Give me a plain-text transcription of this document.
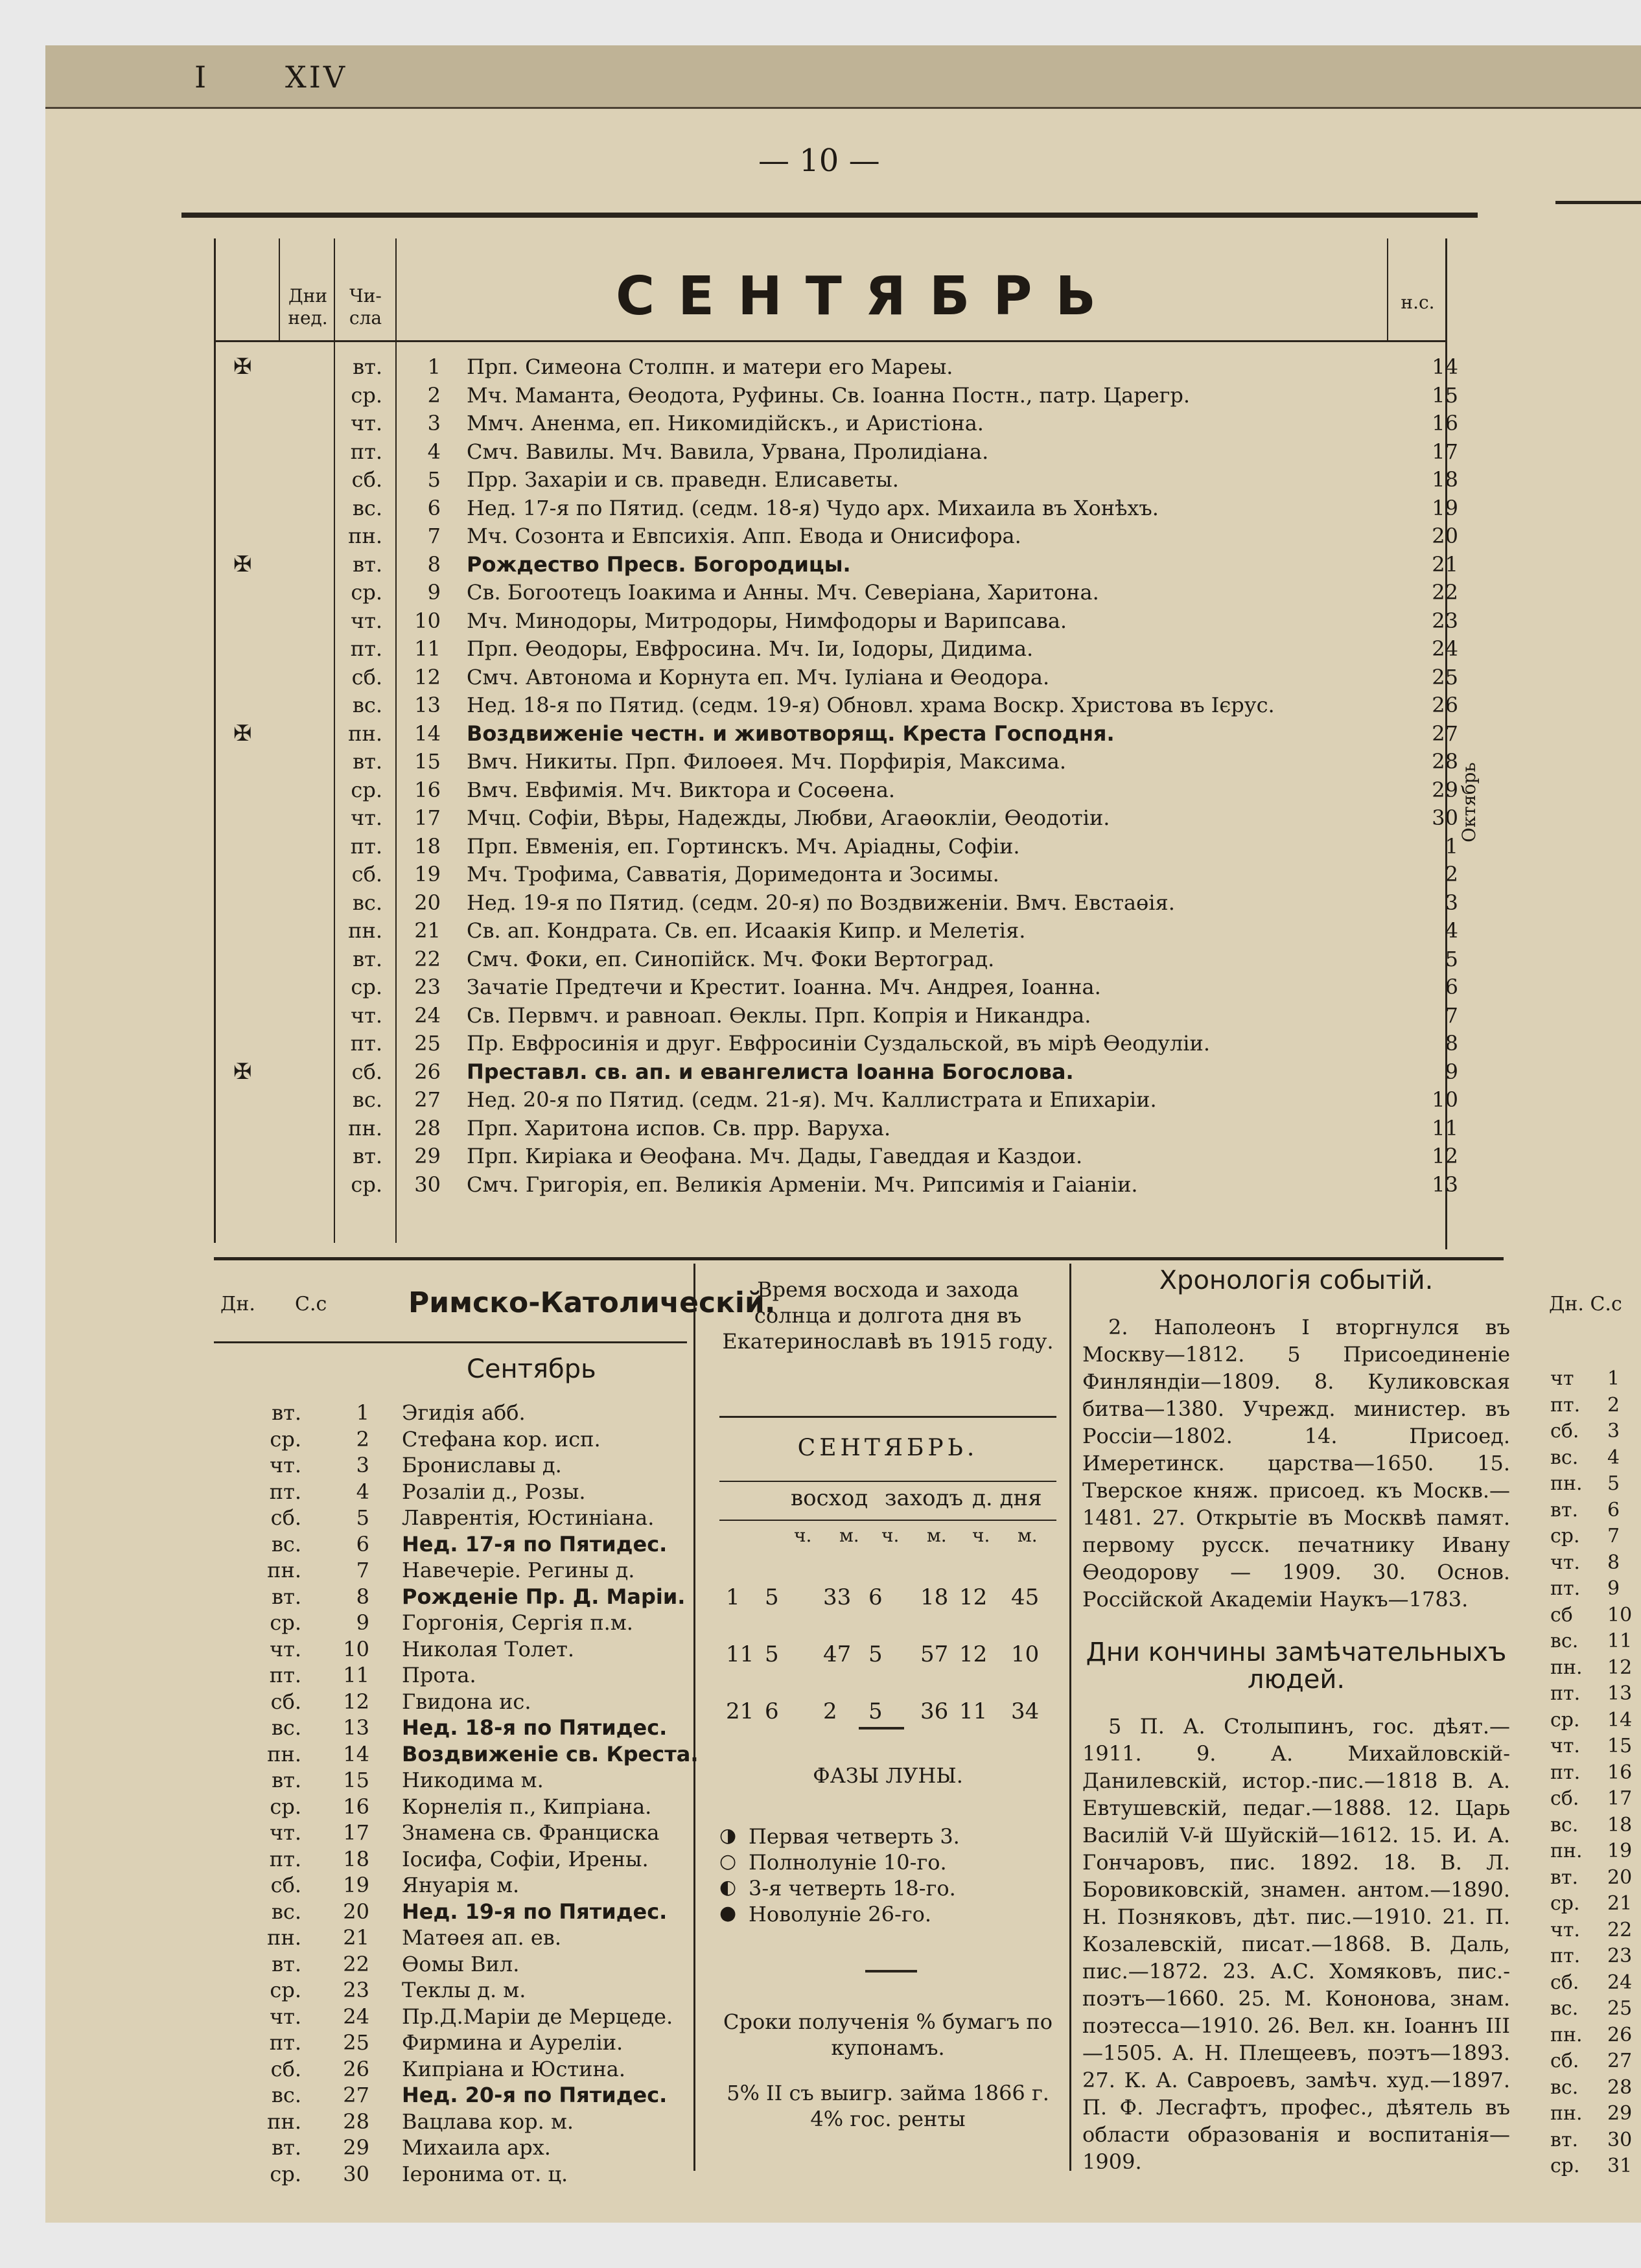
I	XIV
— 10 —
Дни нед.
Чи- сла	СЕНТЯБРЬ	н.с.
✠	вт.	1 Прп. Симеона Столпн. и матери его Мареы.	14
ср.	2 Мч. Маманта, Өеодота, Руфины. Св. Іоанна Постн., патр. Царегр.	15
чт.	3 Ммч. Аненма, еп. Никомидійскъ., и Аристіона.	16
пт.	4 Смч. Вавилы. Мч. Вавила, Урвана, Пролидіана.	17
сб.	5 Прр. Захаріи и св. праведн. Елисаветы.	18
вс.	6 Нед. 17-я по Пятид. (седм. 18-я) Чудо арх. Михаила въ Хонѣхъ.	19
пн.	7 Мч. Созонта и Евпсихія. Апп. Евода и Онисифора.	20
✠	вт.	8 Рождество Пресв. Богородицы.	21
ср.	9 Св. Богоотецъ Іоакима и Анны. Мч. Северіана, Харитона.	22
чт. 10 Мч. Минодоры, Митродоры, Нимфодоры и Варипсава.	23
пт. 11 Прп. Өеодоры, Евфросина. Мч. Іи, Іодоры, Дидима.	24
сб. 12 Смч. Автонома и Корнута еп. Мч. Іуліана и Өеодора.	25
вс. 13 Нед. 18-я по Пятид. (седм. 19-я) Обновл. храма Воскр. Христова въ Ієрус.	26
✠	пн. 14 Воздвиженіе честн. и животворящ. Креста Господня.	27
вт. 15 Вмч. Никиты. Прп. Филоөея. Мч. Порфирія, Максима.	28
ср. 16 Вмч. Евфимія. Мч. Виктора и Сосөена.	29
чт. 17 Мчц. Софіи, Вѣры, Надежды, Любви, Агаөокліи, Өеодотіи.	30
пт. 18 Прп. Евменія, еп. Гортинскъ. Мч. Аріадны, Софіи.	1
сб. 19 Мч. Трофима, Савватія, Доримедонта и Зосимы.	2
вс. 20 Нед. 19-я по Пятид. (седм. 20-я) по Воздвиженіи. Вмч. Евстаөія.	3
пн. 21 Св. ап. Кондрата. Св. еп. Исаакія Кипр. и Мелетія.	4
вт. 22 Смч. Фоки, еп. Синопійск. Мч. Фоки Вертоград.	5
ср. 23 Зачатіе Предтечи и Крестит. Іоанна. Мч. Андрея, Іоанна.	6
чт. 24 Св. Первмч. и равноап. Өеклы. Прп. Копрія и Никандра.	7
пт. 25 Пр. Евфросинія и друг. Евфросиніи Суздальской, въ мірѣ Өеодуліи.	8
✠	сб. 26 Преставл. св. ап. и евангелиста Іоанна Богослова.	9
вс. 27 Нед. 20-я по Пятид. (седм. 21-я). Мч. Каллистрата и Епихаріи.	10
пн. 28 Прп. Харитона испов. Св. прр. Варуха.	11
вт. 29 Прп. Киріака и Өеофана. Мч. Дады, Гаведдая и Каздои.	12
ср. 30 Смч. Григорія, еп. Великія Арменіи. Мч. Рипсимія и Гаіаніи.	13
Октябрь
Дн. С.с	Римско-Католическій.
Сентябрь
вт.	1 Эгидія абб.
ср.	2 Стефана кор. исп.
чт.	3 Брониславы д.
пт.	4 Розаліи д., Розы.
сб.	5 Лаврентія, Юстиніана.
вс.	6 Нед. 17-я по Пятидес.
пн.	7 Навечеріе. Регины д.
вт.	8 Рожденіе Пр. Д. Маріи.
ср.	9 Горгонія, Сергія п.м.
чт.	10 Николая Толет.
пт.	11 Прота.
сб.	12 Гвидона ис.
вс.	13 Нед. 18-я по Пятидес.
пн.	14 Воздвиженіе св. Креста.
вт.	15 Никодима м.
ср.	16 Корнелія п., Кипріана.
чт.	17 Знамена св. Франциска
пт.	18 Іосифа, Софіи, Ирены.
сб.	19 Януарія м.
вс.	20 Нед. 19-я по Пятидес.
пн.	21 Матөея ап. ев.
вт.	22 Өомы Вил.
ср.	23 Теклы д. м.
чт.	24 Пр.Д.Маріи де Мерцеде.
пт.	25 Фирмина и Ауреліи.
сб.	26 Кипріана и Юстина.
вс.	27 Нед. 20-я по Пятидес.
пн.	28 Вацлава кор. м.
вт.	29 Михаила арх.
ср.	30 Іеронима от. ц.
Время восхода и захода солнца и долгота дня въ Екатеринославѣ въ 1915 году.
СЕНТЯБРЬ.
восход заходъ д. дня
ч. м. ч. м. ч. м.
1 5 33 6 18 12 45
11 5 47 5 57 12 10
21 6 2 5 36 11 34
ФАЗЫ ЛУНЫ.
◑ Первая четверть 3.
○ Полнолуніе 10-го.
◐ 3-я четверть 18-го.
● Новолуніе 26-го.
Сроки полученія % бумагъ по купонамъ.
5% II съ выигр. займа 1866 г. 4% гос. ренты
Хронологія событій.
2. Наполеонъ I вторгнулся въ Москву—1812. 5 Присоединеніе Финляндіи—1809. 8. Куликовская битва—1380. Учрежд. министер. въ Россіи—1802. 14. Присоед. Имеретинск. царства—1650. 15. Тверское княж. присоед. къ Москв.—1481. 27. Открытіе въ Москвѣ памят. первому русск. печатнику Ивану Өеодорову — 1909. 30. Основ. Россійской Академіи Наукъ—1783.
Дни кончины замѣчательныхъ людей.
5 П. А. Столыпинъ, гос. дѣят.—1911. 9. А. Михайловскій-Данилевскій, истор.-пис.—1818 В. А. Евтушевскій, педаг.—1888. 12. Царь Василій V-й Шуйскій—1612. 15. И. А. Гончаровъ, пис. 1892. 18. В. Л. Боровиковскій, знамен. антом.—1890. Н. Позняковъ, дѣт. пис.—1910. 21. П. Козалевскій, писат.—1868. В. Даль, пис.—1872. 23. А.С. Хомяковъ, пис.-поэтъ—1660. 25. М. Кононова, знам. поэтесса—1910. 26. Вел. кн. Іоаннъ III—1505. А. Н. Плещеевъ, поэтъ—1893. 27. К. А. Савроевъ, замѣч. худ.—1897. П. Ф. Лесгафтъ, профес., дѣятель въ области образованія и воспитанія—1909.
Дн. С.с
чт 1
пт. 2
сб. 3
вс. 4
пн. 5
вт. 6
ср. 7
чт. 8
пт. 9
сб 10
вс. 11
пн. 12
пт. 13
ср. 14
чт. 15
пт. 16
сб. 17
вс. 18
пн. 19
вт. 20
ср. 21
чт. 22
пт. 23
сб. 24
вс. 25
пн. 26
сб. 27
вс. 28
пн. 29
вт. 30
ср. 31
